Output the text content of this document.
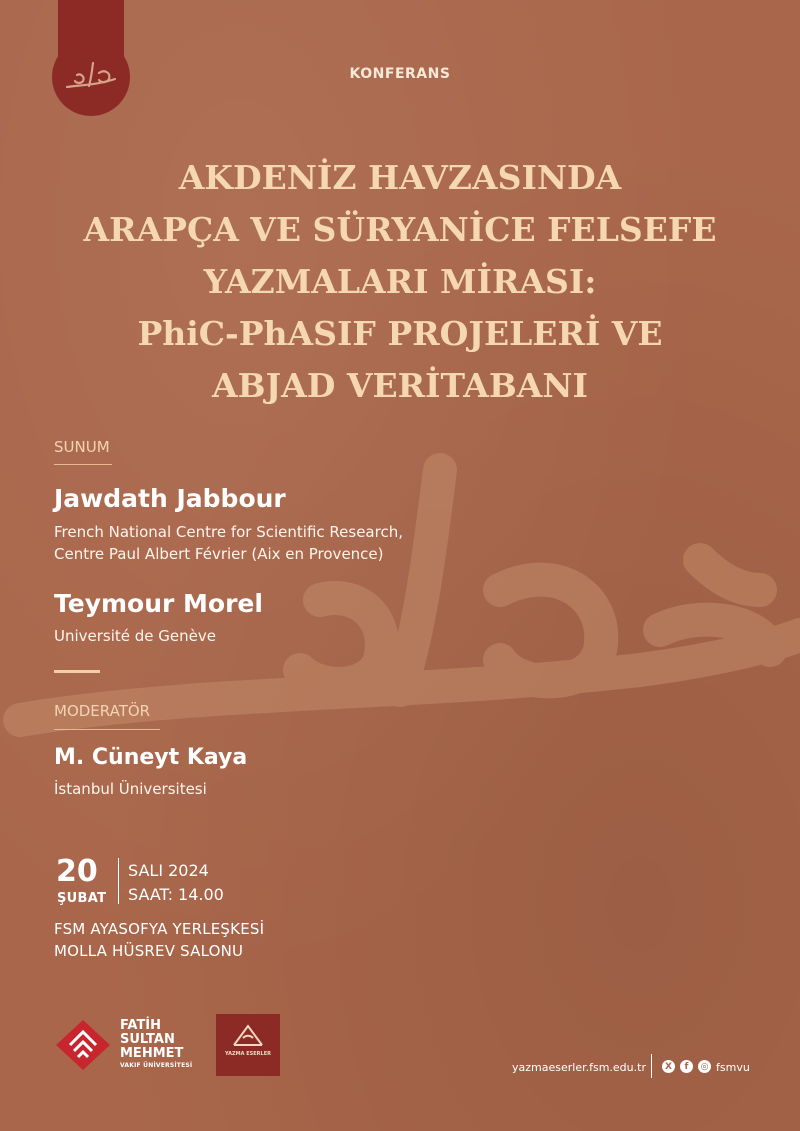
KONFERANS
AKDENİZ HAVZASINDA
ARAPÇA VE SÜRYANİCE FELSEFE
YAZMALARI MİRASI:
PhiC-PhASIF PROJELERİ VE
ABJAD VERİTABANI
SUNUM
Jawdath Jabbour
French National Centre for Scientific Research,
Centre Paul Albert Février (Aix en Provence)
Teymour Morel
Université de Genève
MODERATÖR
M. Cüneyt Kaya
İstanbul Üniversitesi
20
ŞUBAT
SALI 2024
SAAT: 14.00
FSM AYASOFYA YERLEŞKESİ
MOLLA HÜSREV SALONU
FATİH
SULTAN
MEHMET
VAKIF ÜNİVERSİTESİ
YAZMA ESERLER
yazmaeserler.fsm.edu.tr	X	f	◎ fsmvu
